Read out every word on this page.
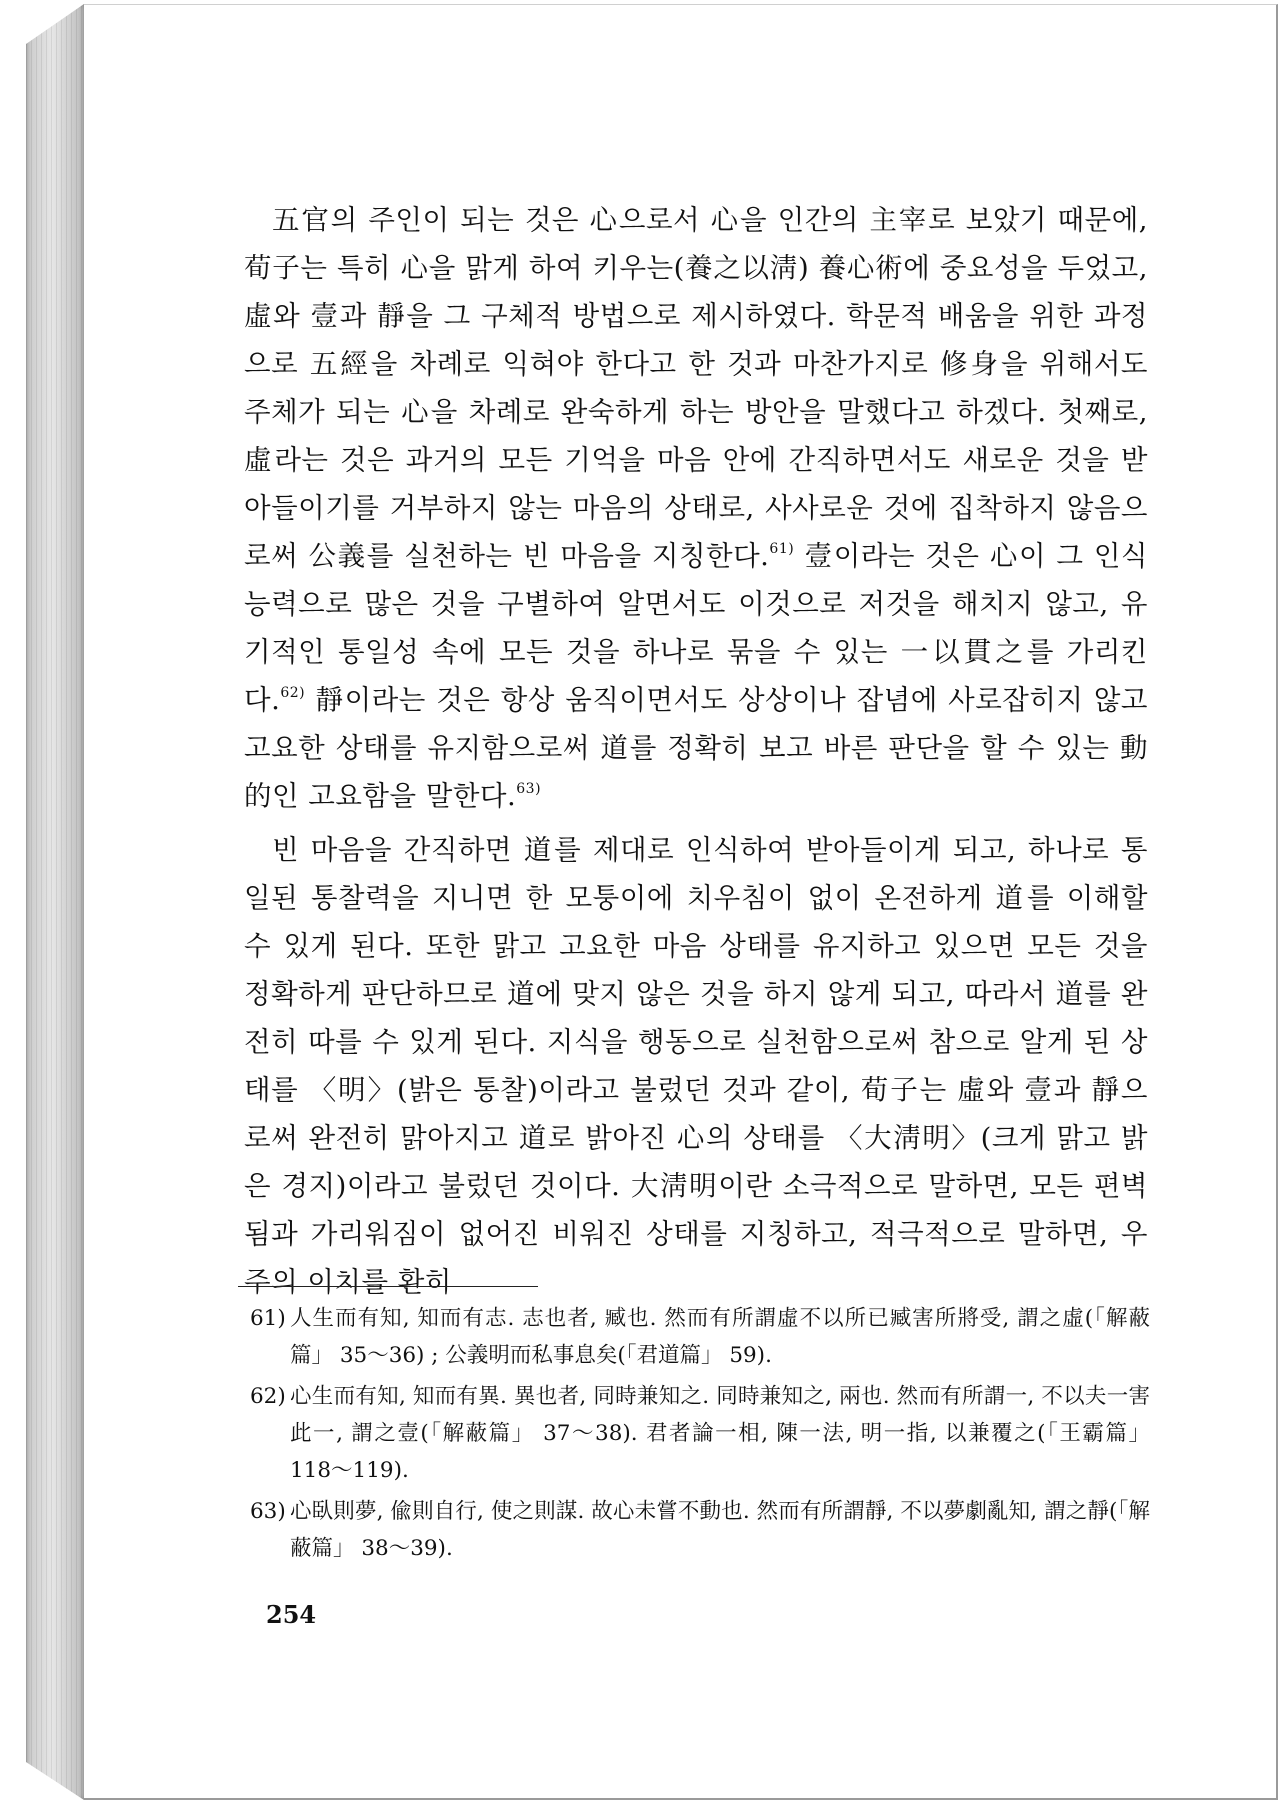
五官의 주인이 되는 것은 心으로서 心을 인간의 主宰로 보았기 때문에, 荀子는 특히 心을 맑게 하여 키우는(養之以淸) 養心術에 중요성을 두었고, 虛와 壹과 靜을 그 구체적 방법으로 제시하였다. 학문적 배움을 위한 과정으로 五經을 차례로 익혀야 한다고 한 것과 마찬가지로 修身을 위해서도 주체가 되는 心을 차례로 완숙하게 하는 방안을 말했다고 하겠다. 첫째로, 虛라는 것은 과거의 모든 기억을 마음 안에 간직하면서도 새로운 것을 받아들이기를 거부하지 않는 마음의 상태로, 사사로운 것에 집착하지 않음으로써 公義를 실천하는 빈 마음을 지칭한다.$^{61)}$ 壹이라는 것은 心이 그 인식능력으로 많은 것을 구별하여 알면서도 이것으로 저것을 해치지 않고, 유기적인 통일성 속에 모든 것을 하나로 묶을 수 있는 一以貫之를 가리킨다.$^{62)}$ 靜이라는 것은 항상 움직이면서도 상상이나 잡념에 사로잡히지 않고 고요한 상태를 유지함으로써 道를 정확히 보고 바른 판단을 할 수 있는 動的인 고요함을 말한다.$^{63)}$

빈 마음을 간직하면 道를 제대로 인식하여 받아들이게 되고, 하나로 통일된 통찰력을 지니면 한 모퉁이에 치우침이 없이 온전하게 道를 이해할 수 있게 된다. 또한 맑고 고요한 마음 상태를 유지하고 있으면 모든 것을 정확하게 판단하므로 道에 맞지 않은 것을 하지 않게 되고, 따라서 道를 완전히 따를 수 있게 된다. 지식을 행동으로 실천함으로써 참으로 알게 된 상태를 〈明〉(밝은 통찰)이라고 불렀던 것과 같이, 荀子는 虛와 壹과 靜으로써 완전히 맑아지고 道로 밝아진 心의 상태를 〈大淸明〉(크게 맑고 밝은 경지)이라고 불렀던 것이다. 大淸明이란 소극적으로 말하면, 모든 편벽됨과 가리워짐이 없어진 비워진 상태를 지칭하고, 적극적으로 말하면, 우주의 이치를 환히

61) 人生而有知, 知而有志. 志也者, 臧也. 然而有所謂虛不以所已臧害所將受, 謂之虛(「解蔽篇」 35〜36) ; 公義明而私事息矣(「君道篇」 59).
62) 心生而有知, 知而有異. 異也者, 同時兼知之. 同時兼知之, 兩也. 然而有所謂一, 不以夫一害此一, 謂之壹(「解蔽篇」 37〜38). 君者論一相, 陳一法, 明一指, 以兼覆之(「王霸篇」 118〜119).
63) 心臥則夢, 偸則自行, 使之則謀. 故心未嘗不動也. 然而有所謂靜, 不以夢劇亂知, 謂之靜(「解蔽篇」 38〜39).
254
